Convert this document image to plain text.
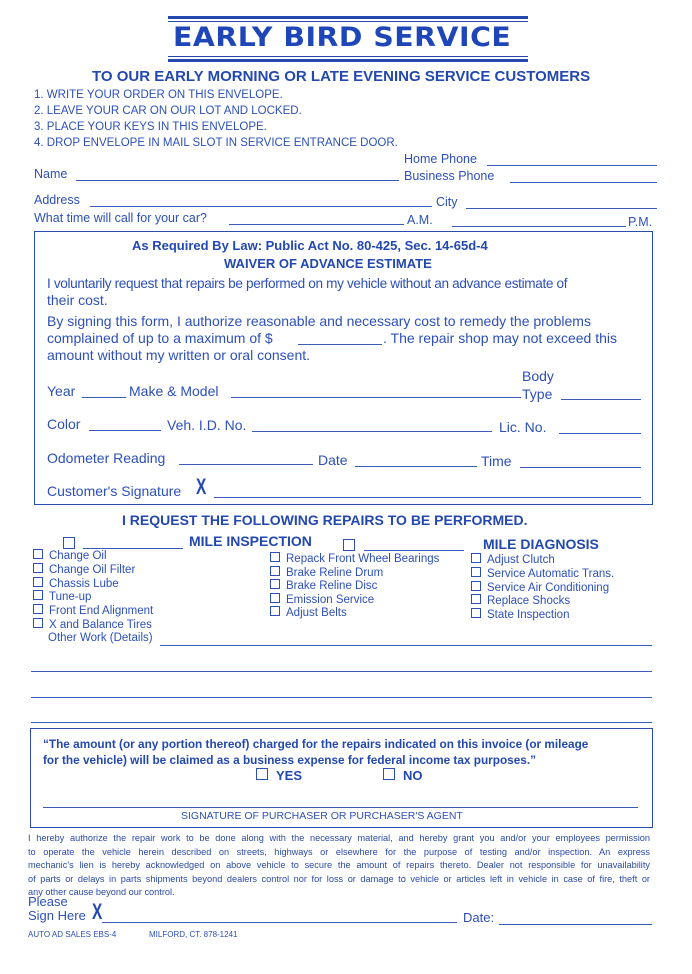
EARLY BIRD SERVICE
TO OUR EARLY MORNING OR LATE EVENING SERVICE CUSTOMERS
1. WRITE YOUR ORDER ON THIS ENVELOPE.
2. LEAVE YOUR CAR ON OUR LOT AND LOCKED.
3. PLACE YOUR KEYS IN THIS ENVELOPE.
4. DROP ENVELOPE IN MAIL SLOT IN SERVICE ENTRANCE DOOR.
Home Phone
Name	Business Phone
Address	City
What time will call for your car?	A.M.	P.M.
As Required By Law: Public Act No. 80-425, Sec. 14-65d-4
WAIVER OF ADVANCE ESTIMATE
I voluntarily request that repairs be performed on my vehicle without an advance estimate of
their cost.
By signing this form, I authorize reasonable and necessary cost to remedy the problems
complained of up to a maximum of $	. The repair shop may not exceed this
amount without my written or oral consent.
Year	Make & Model
Body
Type
Color	Veh. I.D. No.	Lic. No.
Odometer Reading	Date	Time
Customer's Signature X
I REQUEST THE FOLLOWING REPAIRS TO BE PERFORMED.
MILE INSPECTION	MILE DIAGNOSIS
Change Oil
Change Oil Filter
Chassis Lube
Tune-up
Front End Alignment
X and Balance Tires
Repack Front Wheel Bearings
Brake Reline Drum
Brake Reline Disc
Emission Service
Adjust Belts
Adjust Clutch
Service Automatic Trans.
Service Air Conditioning
Replace Shocks
State Inspection
Other Work (Details)
“The amount (or any portion thereof) charged for the repairs indicated on this invoice (or mileage
for the vehicle) will be claimed as a business expense for federal income tax purposes.”
YES	NO
SIGNATURE OF PURCHASER OR PURCHASER'S AGENT
I hereby authorize the repair work to be done along with the necessary material, and hereby grant you and/or your employees permission
to operate the vehicle herein described on streets, highways or elsewhere for the purpose of testing and/or inspection. An express
mechanic's lien is hereby acknowledged on above vehicle to secure the amount of repairs thereto. Dealer not responsible for unavailability
of parts or delays in parts shipments beyond dealers control nor for loss or damage to vehicle or articles left in vehicle in case of fire, theft or
any other cause beyond our control.
Please
Sign Here X	Date:
AUTO AD SALES EBS-4	MILFORD, CT. 878-1241
